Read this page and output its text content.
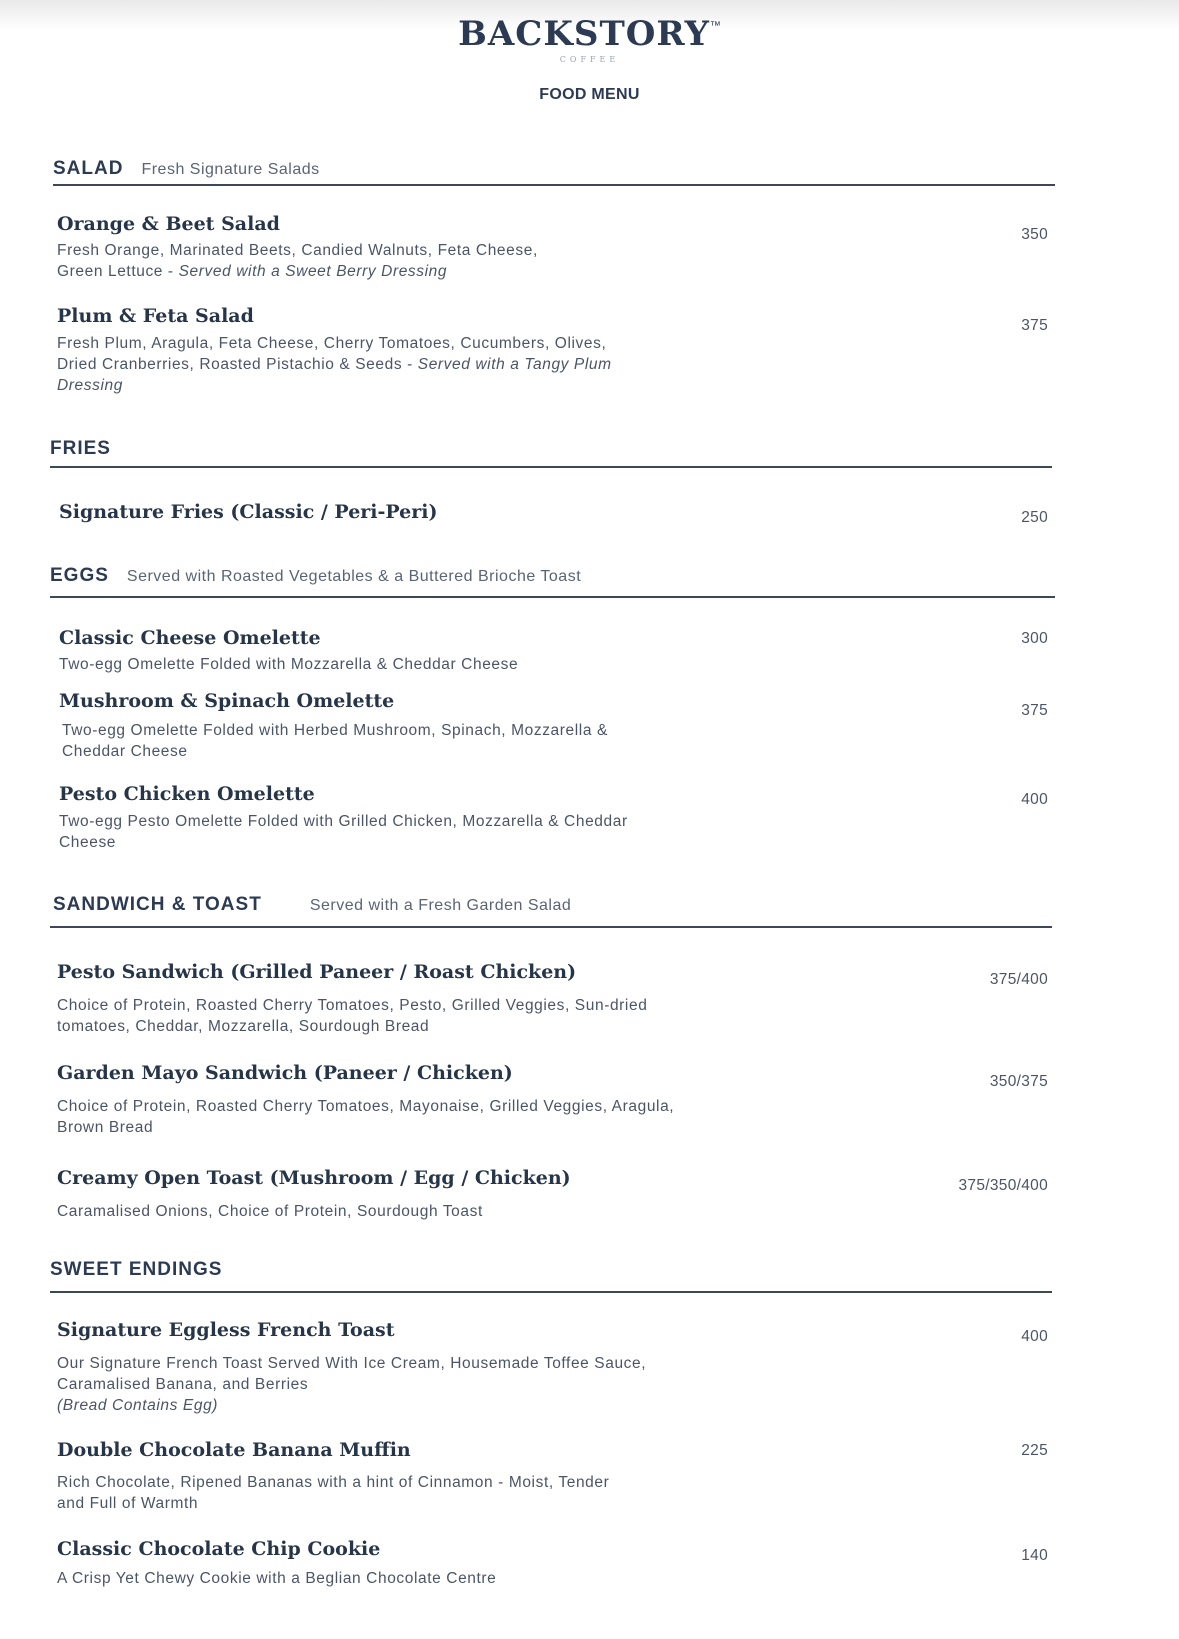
BACKSTORY™
COFFEE
FOOD MENU
SALAD Fresh Signature Salads
Orange & Beet Salad	350
Fresh Orange, Marinated Beets, Candied Walnuts, Feta Cheese,
Green Lettuce - Served with a Sweet Berry Dressing
Plum & Feta Salad	375
Fresh Plum, Aragula, Feta Cheese, Cherry Tomatoes, Cucumbers, Olives,
Dried Cranberries, Roasted Pistachio & Seeds - Served with a Tangy Plum
Dressing
FRIES
Signature Fries (Classic / Peri-Peri)	250
EGGS Served with Roasted Vegetables & a Buttered Brioche Toast
Classic Cheese Omelette	300
Two-egg Omelette Folded with Mozzarella & Cheddar Cheese
Mushroom & Spinach Omelette	375
Two-egg Omelette Folded with Herbed Mushroom, Spinach, Mozzarella &
Cheddar Cheese
Pesto Chicken Omelette	400
Two-egg Pesto Omelette Folded with Grilled Chicken, Mozzarella & Cheddar
Cheese
SANDWICH & TOAST	Served with a Fresh Garden Salad
Pesto Sandwich (Grilled Paneer / Roast Chicken)	375/400
Choice of Protein, Roasted Cherry Tomatoes, Pesto, Grilled Veggies, Sun-dried
tomatoes, Cheddar, Mozzarella, Sourdough Bread
Garden Mayo Sandwich (Paneer / Chicken)	350/375
Choice of Protein, Roasted Cherry Tomatoes, Mayonaise, Grilled Veggies, Aragula,
Brown Bread
Creamy Open Toast (Mushroom / Egg / Chicken)	375/350/400
Caramalised Onions, Choice of Protein, Sourdough Toast
SWEET ENDINGS
Signature Eggless French Toast	400
Our Signature French Toast Served With Ice Cream, Housemade Toffee Sauce,
Caramalised Banana, and Berries
(Bread Contains Egg)
Double Chocolate Banana Muffin	225
Rich Chocolate, Ripened Bananas with a hint of Cinnamon - Moist, Tender
and Full of Warmth
Classic Chocolate Chip Cookie	140
A Crisp Yet Chewy Cookie with a Beglian Chocolate Centre
